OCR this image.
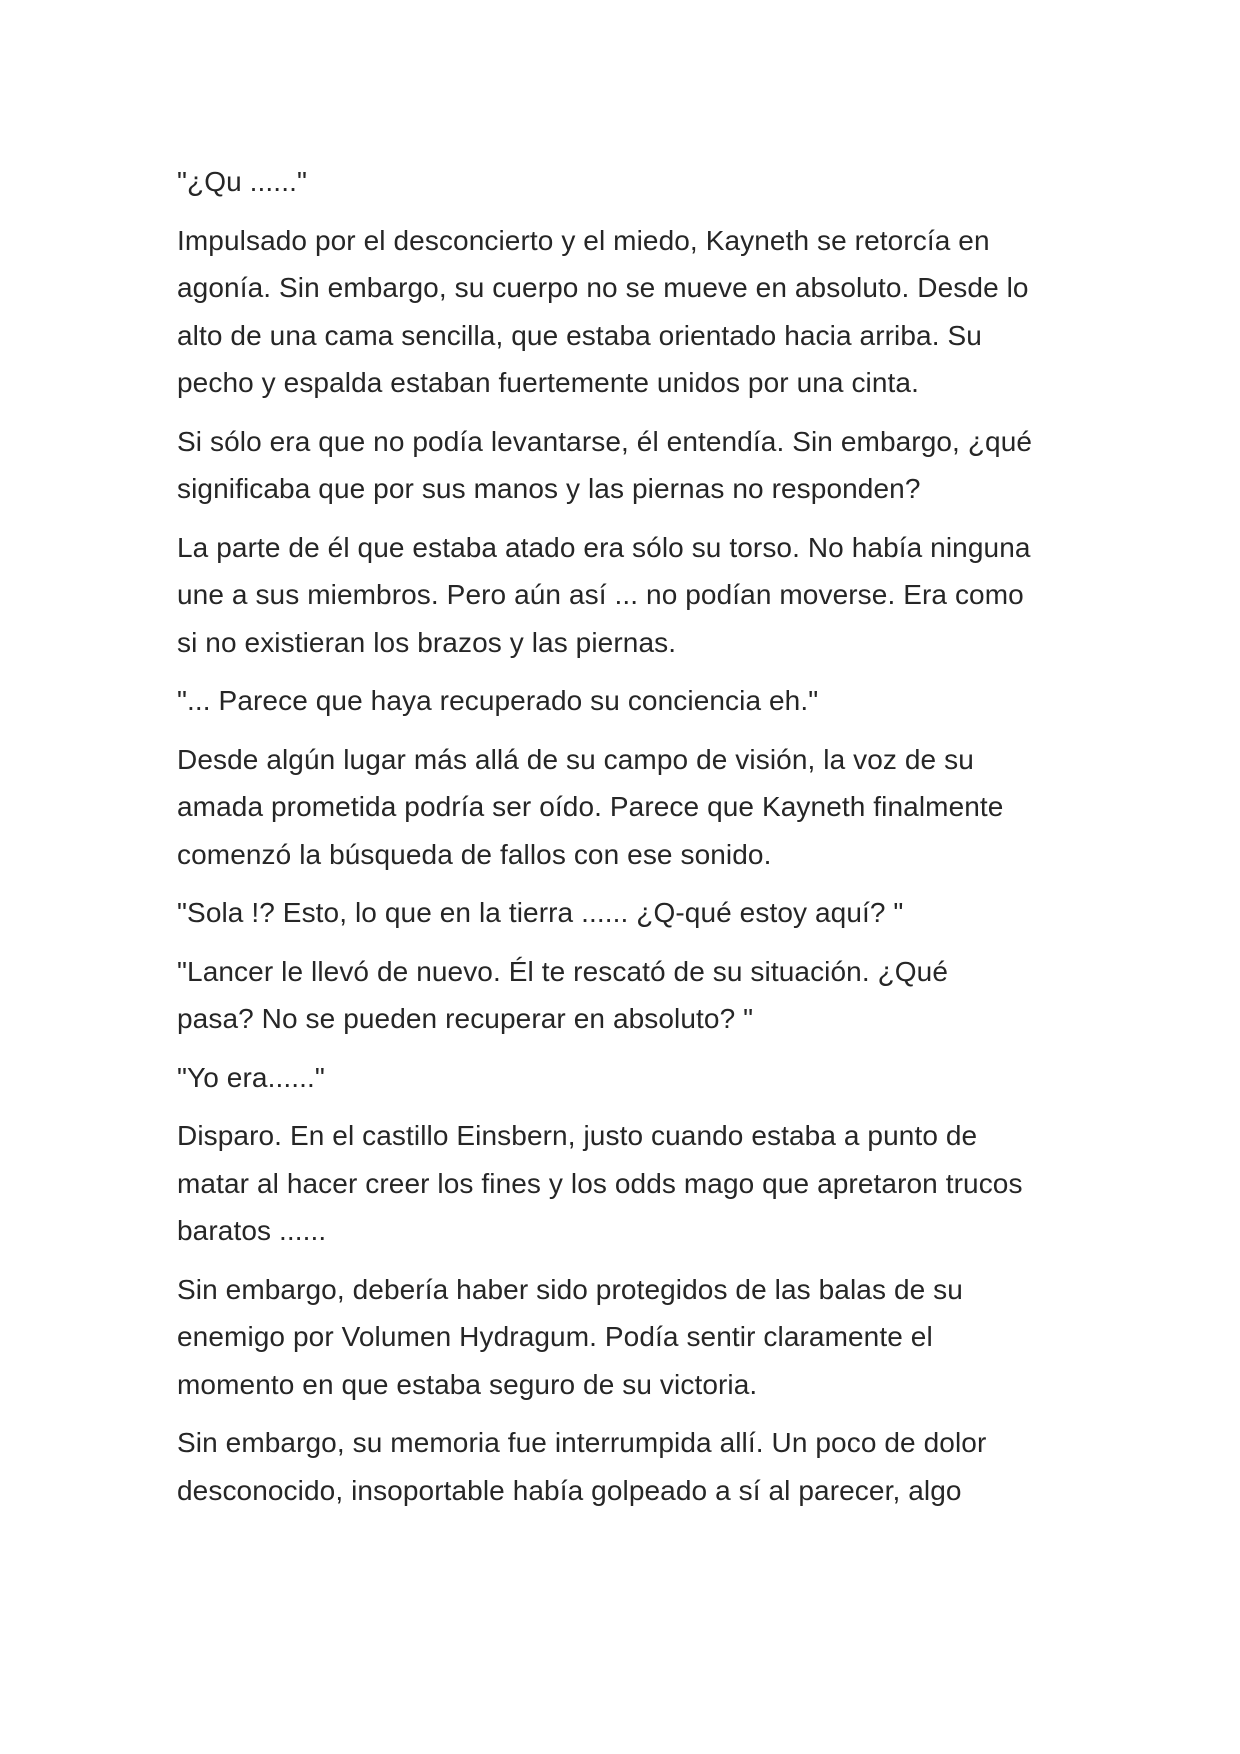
"¿Qu ......"

Impulsado por el desconcierto y el miedo, Kayneth se retorcía en
agonía. Sin embargo, su cuerpo no se mueve en absoluto. Desde lo
alto de una cama sencilla, que estaba orientado hacia arriba. Su
pecho y espalda estaban fuertemente unidos por una cinta.

Si sólo era que no podía levantarse, él entendía. Sin embargo, ¿qué
significaba que por sus manos y las piernas no responden?

La parte de él que estaba atado era sólo su torso. No había ninguna
une a sus miembros. Pero aún así ... no podían moverse. Era como
si no existieran los brazos y las piernas.

"... Parece que haya recuperado su conciencia eh."

Desde algún lugar más allá de su campo de visión, la voz de su
amada prometida podría ser oído. Parece que Kayneth finalmente
comenzó la búsqueda de fallos con ese sonido.

"Sola !? Esto, lo que en la tierra ...... ¿Q-qué estoy aquí? "

"Lancer le llevó de nuevo. Él te rescató de su situación. ¿Qué
pasa? No se pueden recuperar en absoluto? "

"Yo era......"

Disparo. En el castillo Einsbern, justo cuando estaba a punto de
matar al hacer creer los fines y los odds mago que apretaron trucos
baratos ......

Sin embargo, debería haber sido protegidos de las balas de su
enemigo por Volumen Hydragum. Podía sentir claramente el
momento en que estaba seguro de su victoria.

Sin embargo, su memoria fue interrumpida allí. Un poco de dolor
desconocido, insoportable había golpeado a sí al parecer, algo
